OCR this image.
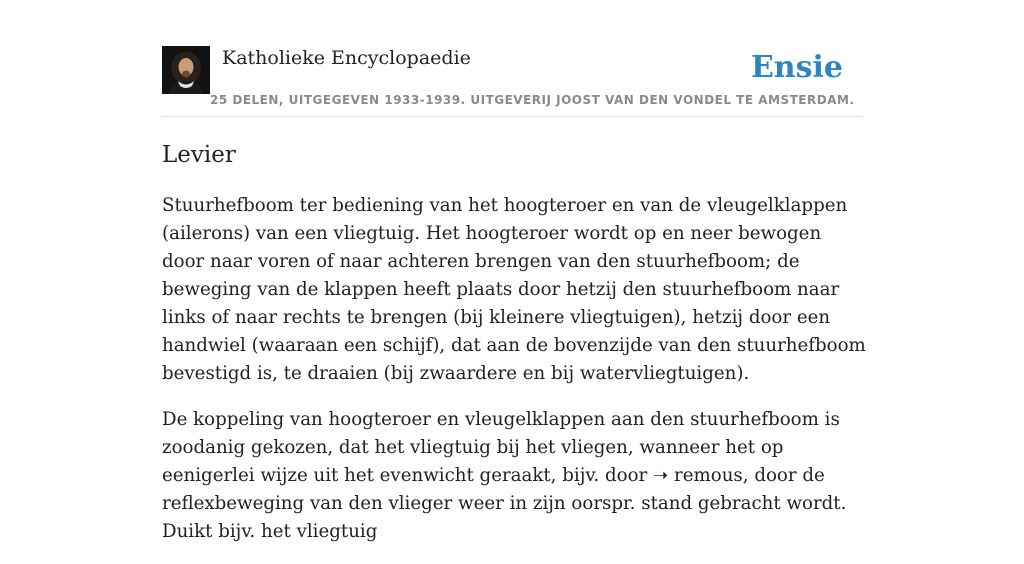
Katholieke Encyclopaedie
25 DELEN, UITGEGEVEN 1933-1939. UITGEVERIJ JOOST VAN DEN VONDEL TE AMSTERDAM.
Ensie
Levier

Stuurhefboom ter bediening van het hoogteroer en van de vleugelklappen (ailerons) van een vliegtuig. Het hoogteroer wordt op en neer bewogen door naar voren of naar achteren brengen van den stuurhefboom; de beweging van de klappen heeft plaats door hetzij den stuurhefboom naar links of naar rechts te brengen (bij kleinere vliegtuigen), hetzij door een handwiel (waaraan een schijf), dat aan de bovenzijde van den stuurhefboom bevestigd is, te draaien (bij zwaardere en bij watervliegtuigen).

De koppeling van hoogteroer en vleugelklappen aan den stuurhefboom is zoodanig gekozen, dat het vliegtuig bij het vliegen, wanneer het op eenigerlei wijze uit het evenwicht geraakt, bijv. door ➝ remous, door de reflexbeweging van den vlieger weer in zijn oorspr. stand gebracht wordt. Duikt bijv. het vliegtuig
